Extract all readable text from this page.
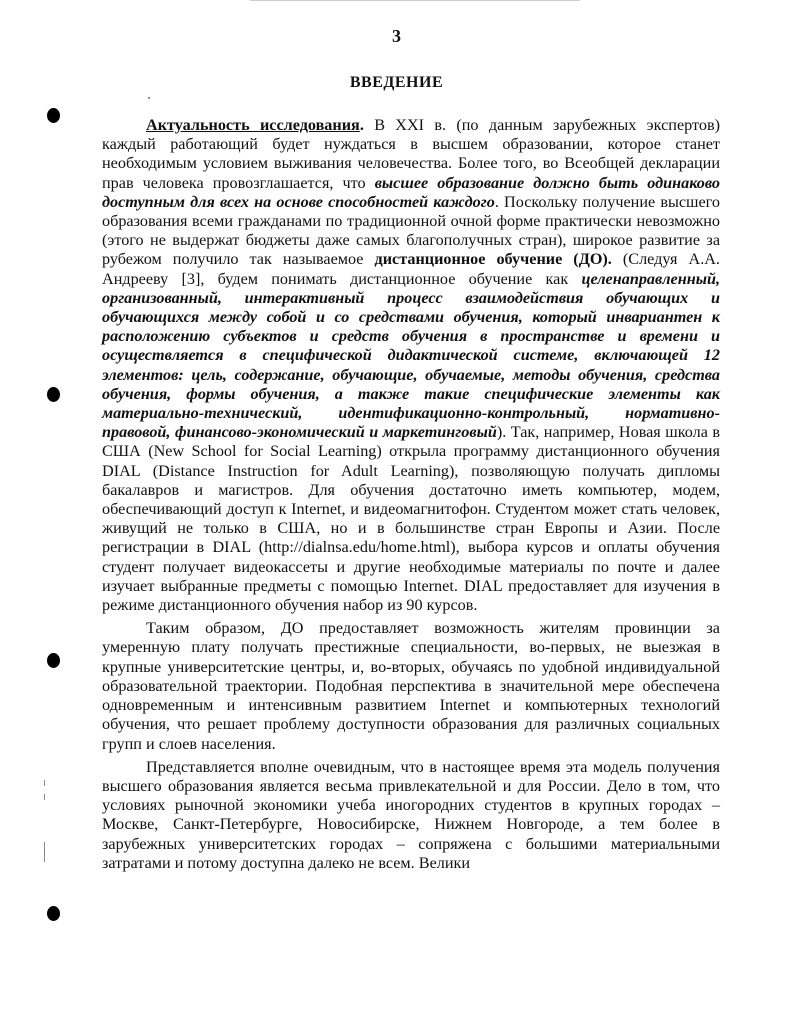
3
ВВЕДЕНИЕ

Актуальность исследования. В XXI в. (по данным зарубежных экспертов) каждый работающий будет нуждаться в высшем образовании, которое станет необходимым условием выживания человечества. Более того, во Всеобщей декларации прав человека провозглашается, что высшее образование должно быть одинаково доступным для всех на основе способностей каждого. Поскольку получение высшего образования всеми гражданами по традиционной очной форме практически невозможно (этого не выдержат бюджеты даже самых благополучных стран), широкое развитие за рубежом получило так называемое дистанционное обучение (ДО). (Следуя А.А. Андреeву [3], будем понимать дистанционное обучение как целенаправленный, организованный, интерактивный процесс взаимодействия обучающих и обучающихся между собой и со средствами обучения, который инвариантен к расположению субъектов и средств обучения в пространстве и времени и осуществляется в специфической дидактической системе, включающей 12 элементов: цель, содержание, обучающие, обучаемые, методы обучения, средства обучения, формы обучения, а также такие специфические элементы как материально-технический, идентификационно-контрольный, нормативно-правовой, финансово-экономический и маркетинговый). Так, например, Новая школа в США (New School for Social Learning) открыла программу дистанционного обучения DIAL (Distance Instruction for Adult Learning), позволяющую получать дипломы бакалавров и магистров. Для обучения достаточно иметь компьютер, модем, обеспечивающий доступ к Internet, и видеомагнитофон. Студентом может стать человек, живущий не только в США, но и в большинстве стран Европы и Азии. После регистрации в DIAL (http://dialnsa.edu/home.html), выбора курсов и оплаты обучения студент получает видеокассеты и другие необходимые материалы по почте и далее изучает выбранные предметы с помощью Internet. DIAL предоставляет для изучения в режиме дистанционного обучения набор из 90 курсов.

Таким образом, ДО предоставляет возможность жителям провинции за умеренную плату получать престижные специальности, во-первых, не выезжая в крупные университетские центры, и, во-вторых, обучаясь по удобной индивидуальной образовательной траектории. Подобная перспектива в значительной мере обеспечена одновременным и интенсивным развитием Internet и компьютерных технологий обучения, что решает проблему доступности образования для различных социальных групп и слоев населения.

Представляется вполне очевидным, что в настоящее время эта модель получения высшего образования является весьма привлекательной и для России. Дело в том, что условиях рыночной экономики учеба иногородних студентов в крупных городах – Москве, Санкт-Петербурге, Новосибирске, Нижнем Новгороде, а тем более в зарубежных университетских городах – сопряжена с большими материальными затратами и потому доступна далеко не всем. Велики
